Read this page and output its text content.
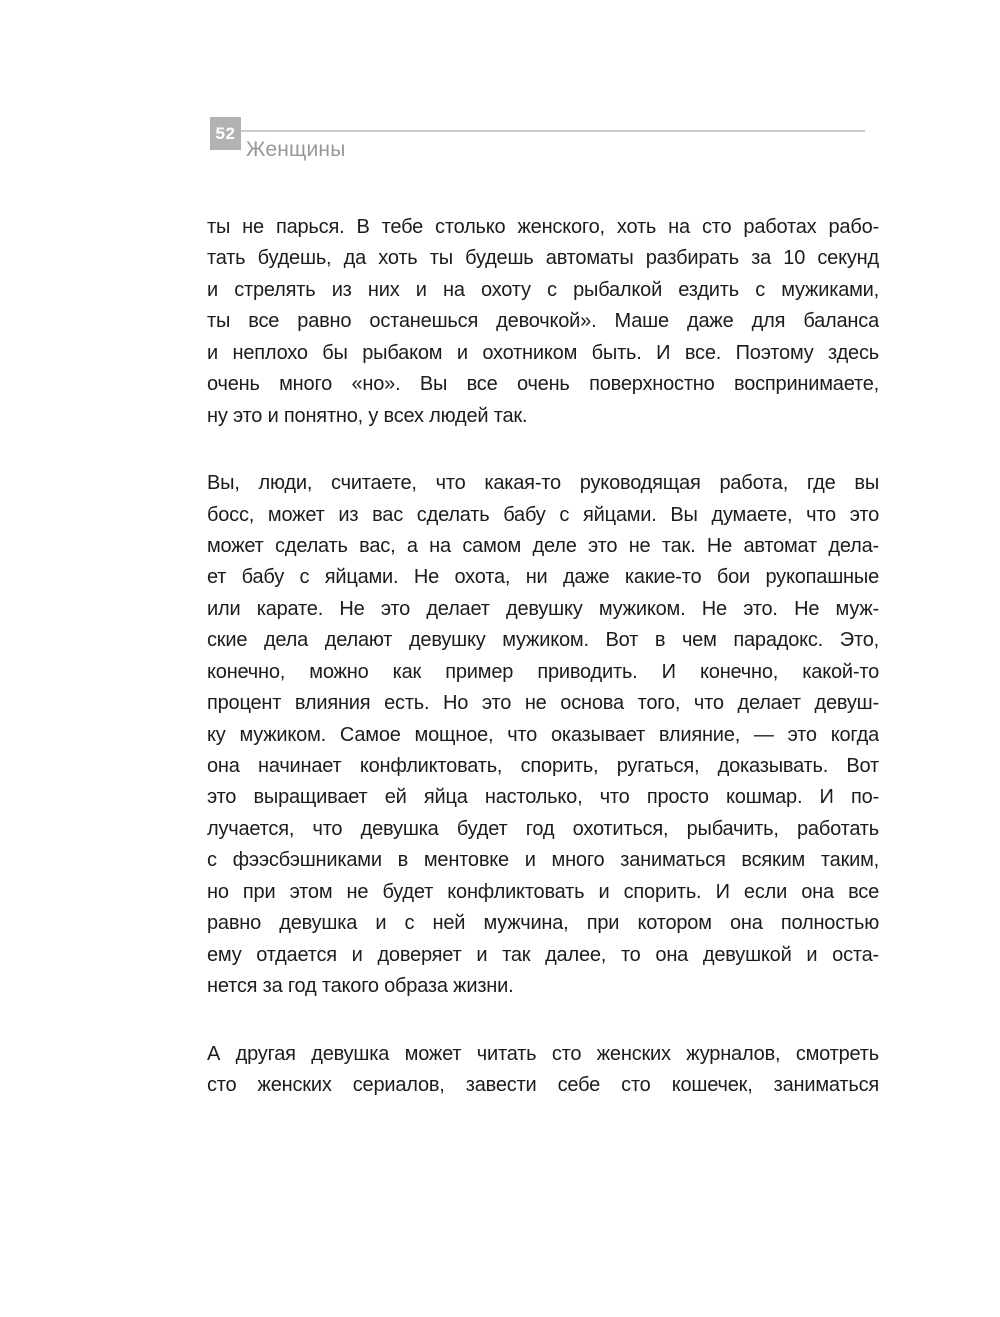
52
Женщины
ты не парься. В тебе столько женского, хоть на сто работах рабо-
тать будешь, да хоть ты будешь автоматы разбирать за 10 секунд
и стрелять из них и на охоту с рыбалкой ездить с мужиками,
ты все равно останешься девочкой». Маше даже для баланса
и неплохо бы рыбаком и охотником быть. И все. Поэтому здесь
очень много «но». Вы все очень поверхностно воспринимаете,
ну это и понятно, у всех людей так.
Вы, люди, считаете, что какая-то руководящая работа, где вы
босс, может из вас сделать бабу с яйцами. Вы думаете, что это
может сделать вас, а на самом деле это не так. Не автомат дела-
ет бабу с яйцами. Не охота, ни даже какие-то бои рукопашные
или карате. Не это делает девушку мужиком. Не это. Не муж-
ские дела делают девушку мужиком. Вот в чем парадокс. Это,
конечно, можно как пример приводить. И конечно, какой-то
процент влияния есть. Но это не основа того, что делает девуш-
ку мужиком. Самое мощное, что оказывает влияние, — это когда
она начинает конфликтовать, спорить, ругаться, доказывать. Вот
это выращивает ей яйца настолько, что просто кошмар. И по-
лучается, что девушка будет год охотиться, рыбачить, работать
с фээсбэшниками в ментовке и много заниматься всяким таким,
но при этом не будет конфликтовать и спорить. И если она все
равно девушка и с ней мужчина, при котором она полностью
ему отдается и доверяет и так далее, то она девушкой и оста-
нется за год такого образа жизни.
А другая девушка может читать сто женских журналов, смотреть
сто женских сериалов, завести себе сто кошечек, заниматься
